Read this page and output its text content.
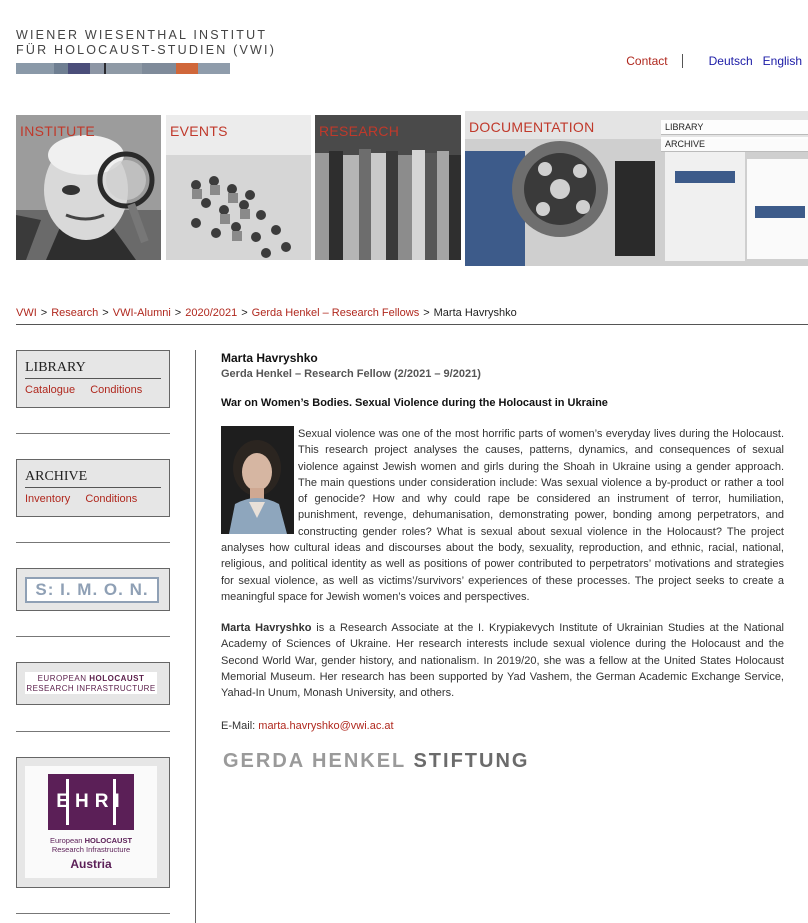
WIENER WIESENTHAL INSTITUT
FÜR HOLOCAUST-STUDIEN (VWI)
Contact	Deutsch English
INSTITUTE	EVENTS	RESEARCH	DOCUMENTATION	LIBRARY
ARCHIVE
VWI > Research > VWI-Alumni > 2020/2021 > Gerda Henkel – Research Fellows > Marta Havryshko
LIBRARY
Catalogue Conditions
ARCHIVE
Inventory Conditions
S: I. M. O. N.
EUROPEAN HOLOCAUST
RESEARCH INFRASTRUCTURE
EHRI
European HOLOCAUST
Research Infrastructure
Austria
Marta Havryshko
Gerda Henkel – Research Fellow (2/2021 – 9/2021)
War on Women’s Bodies. Sexual Violence during the Holocaust in Ukraine
Sexual violence was one of the most horrific parts of women’s everyday lives during the Holocaust. This research project analyses the causes, patterns, dynamics, and consequences of sexual violence against Jewish women and girls during the Shoah in Ukraine using a gender approach. The main questions under consideration include: Was sexual violence a by-product or rather a tool of genocide? How and why could rape be considered an instrument of terror, humiliation, punishment, revenge, dehumanisation, demonstrating power, bonding among perpetrators, and constructing gender roles? What is sexual about sexual violence in the Holocaust? The project analyses how cultural ideas and discourses about the body, sexuality, reproduction, and ethnic, racial, national, religious, and political identity as well as positions of power contributed to perpetrators’ motivations and strategies for sexual violence, as well as victims’/survivors’ experiences of these processes. The project seeks to create a meaningful space for Jewish women’s voices and perspectives.
Marta Havryshko is a Research Associate at the I. Krypiakevych Institute of Ukrainian Studies at the National Academy of Sciences of Ukraine. Her research interests include sexual violence during the Holocaust and the Second World War, gender history, and nationalism. In 2019/20, she was a fellow at the United States Holocaust Memorial Museum. Her research has been supported by Yad Vashem, the German Academic Exchange Service, Yahad-In Unum, Monash University, and others.
E-Mail: marta.havryshko@vwi.ac.at
GERDA HENKEL STIFTUNG
